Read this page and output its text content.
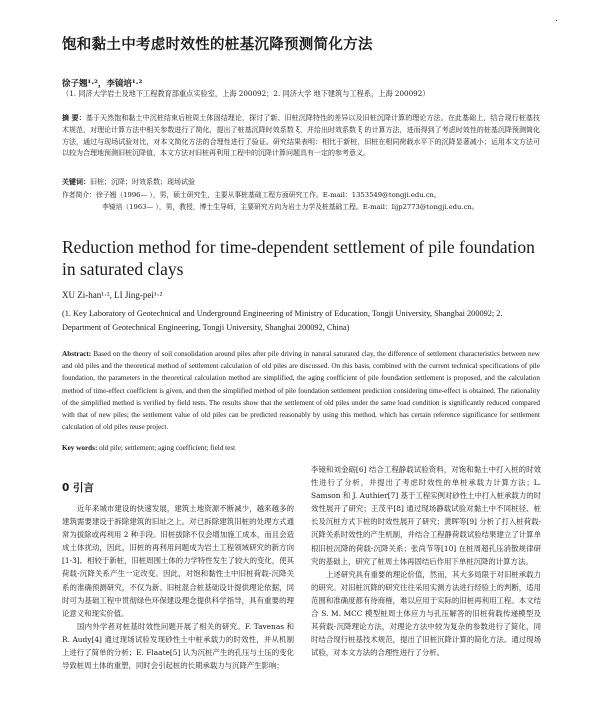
.
饱和黏土中考虑时效性的桩基沉降预测简化方法
徐子翘¹·²，李镜培¹·²
（1. 同济大学岩土及地下工程教育部重点实验室，上海 200092；2. 同济大学 地下建筑与工程系，上海 200092）
摘 要：基于天然饱和黏土中沉桩结束后桩周土体固结理论，探讨了新、旧桩沉降特性的差异以及旧桩沉降计算的理论方法。在此基础上，结合现行桩基技术规范，对理论计算方法中相关参数进行了简化，提出了桩基沉降时效系数 ξ，并给出时效系数 ξ 的计算方法，进而得到了考虑时效性的桩基沉降预测简化方法，通过与现场试验对比，对本文简化方法的合理性进行了验证。研究结果表明：相比于新桩，旧桩在相同荷载水平下的沉降显著减小；运用本文方法可以较为合理地预测旧桩沉降值，本文方法对旧桩再利用工程中的沉降计算问题具有一定的参考意义。
关键词：旧桩；沉降；时效系数；现场试验
作者简介：徐子翘（1996— ），男，硕士研究生，主要从事桩基础工程方面研究工作。E-mail：1353549@tongji.edu.cn。
李镜培（1963— ），男，教授，博士生导师，主要研究方向为岩土力学及桩基础工程。E-mail：lijp2773@tongji.edu.cn。
Reduction method for time-dependent settlement of pile foundation in saturated clays
XU Zi-han¹·², LI Jing-pei¹·²
(1. Key Laboratory of Geotechnical and Underground Engineering of Ministry of Education, Tongji University, Shanghai 200092; 2. Department of Geotechnical Engineering, Tongji University, Shanghai 200092, China)
Abstract: Based on the theory of soil consolidation around piles after pile driving in natural saturated clay, the difference of settlement characteristics between new and old piles and the theoretical method of settlement calculation of old piles are discussed. On this basis, combined with the current technical specifications of pile foundation, the parameters in the theoretical calculation method are simplified, the aging coefficient of pile foundation settlement is proposed, and the calculation method of time-effect coefficient is given, and then the simplified method of pile foundation settlement prediction considering time-effect is obtained. The rationality of the simplified method is verified by field tests. The results show that the settlement of old piles under the same load condition is significantly reduced compared with that of new piles; the settlement value of old piles can be predicted reasonably by using this method, which has certain reference significance for settlement calculation of old piles reuse project.
Key words: old pile; settlement; aging coefficient; field test
0 引言

近年来城市建设的快速发展，建筑土地资源不断减少，越来越多的建筑需要建设于拆除建筑的旧址之上。对已拆除建筑旧桩的处理方式通常为拔除或再利用 2 种手段。旧桩拔除不仅会增加施工成本，而且会造成土体扰动，因此，旧桩的再利用问题成为岩土工程领域研究的新方向[1-3]。相较于新桩，旧桩周围土体的力学特性发生了较大的变化，使其荷载-沉降关系产生一定改变。因此，对饱和黏性土中旧桩荷载-沉降关系的准确预测研究，不仅为新、旧桩混合桩基础设计提供理论依据，同时可为基础工程中贯彻绿色环保建设理念提供科学指导，具有重要的理论意义和现实价值。

国内外学者对桩基时效性问题开展了相关的研究。F. Tavenas 和 R. Audy[4] 通过现场试验发现砂性土中桩承载力的时效性，并从机制上进行了简单的分析；E. Flaate[5] 认为沉桩产生的孔压与土压的变化导致桩周土体的重塑，同时会引起桩的长期承载力与沉降产生影响；

李镜和刘金砺[6] 结合工程静载试验资料，对饱和黏土中打入桩的时效性进行了分析，并提出了考虑时效性的单桩承载力计算方法；L. Samson 和 J. Authier[7] 基于工程实例对砂性土中打入桩承载力的时效性展开了研究；王茂平[8] 通过现场静载试验对黏土中不同桩径、桩长及沉桩方式下桩的时效性展开了研究；黄晖等[9] 分析了打入桩荷载-沉降关系时效性的产生机制，并结合工程静荷载试验结果建立了计算单根旧桩沉降的荷载-沉降关系；张尚节等[10] 在桩周超孔压消散规律研究的基础上，研究了桩周土体再固结后作用下单桩沉降的计算方法。

上述研究具有重要的理论价值，然而，其大多局限于对旧桩承载力的研究。对旧桩沉降的研究往往采用实测方法进行经验上的判断，适用范围和准确度都有待商榷，难以应用于实际的旧桩再利用工程。本文结合 S. M. MCC 模型桩周土体应力与孔压解答的旧桩荷载传递模型及其荷载-沉降理论方法，对理论方法中较为复杂的参数进行了简化，同时结合现行桩基技术规范，提出了旧桩沉降计算的简化方法。通过现场试验，对本文方法的合理性进行了分析。
